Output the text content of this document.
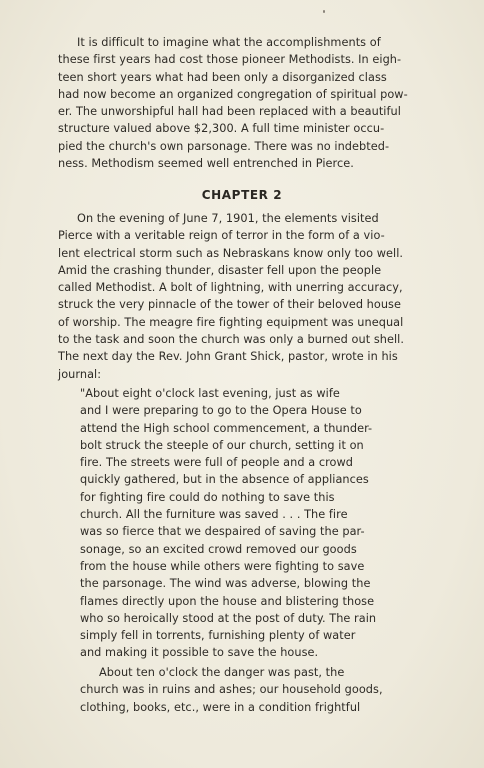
It is difficult to imagine what the accomplishments of
these first years had cost those pioneer Methodists. In eigh-
teen short years what had been only a disorganized class
had now become an organized congregation of spiritual pow-
er. The unworshipful hall had been replaced with a beautiful
structure valued above $2,300. A full time minister occu-
pied the church's own parsonage. There was no indebted-
ness. Methodism seemed well entrenched in Pierce.
CHAPTER 2
On the evening of June 7, 1901, the elements visited
Pierce with a veritable reign of terror in the form of a vio-
lent electrical storm such as Nebraskans know only too well.
Amid the crashing thunder, disaster fell upon the people
called Methodist. A bolt of lightning, with unerring accuracy,
struck the very pinnacle of the tower of their beloved house
of worship. The meagre fire fighting equipment was unequal
to the task and soon the church was only a burned out shell.
The next day the Rev. John Grant Shick, pastor, wrote in his
journal:
"About eight o'clock last evening, just as wife
and I were preparing to go to the Opera House to
attend the High school commencement, a thunder-
bolt struck the steeple of our church, setting it on
fire. The streets were full of people and a crowd
quickly gathered, but in the absence of appliances
for fighting fire could do nothing to save this
church. All the furniture was saved . . . The fire
was so fierce that we despaired of saving the par-
sonage, so an excited crowd removed our goods
from the house while others were fighting to save
the parsonage. The wind was adverse, blowing the
flames directly upon the house and blistering those
who so heroically stood at the post of duty. The rain
simply fell in torrents, furnishing plenty of water
and making it possible to save the house.
About ten o'clock the danger was past, the
church was in ruins and ashes; our household goods,
clothing, books, etc., were in a condition frightful
